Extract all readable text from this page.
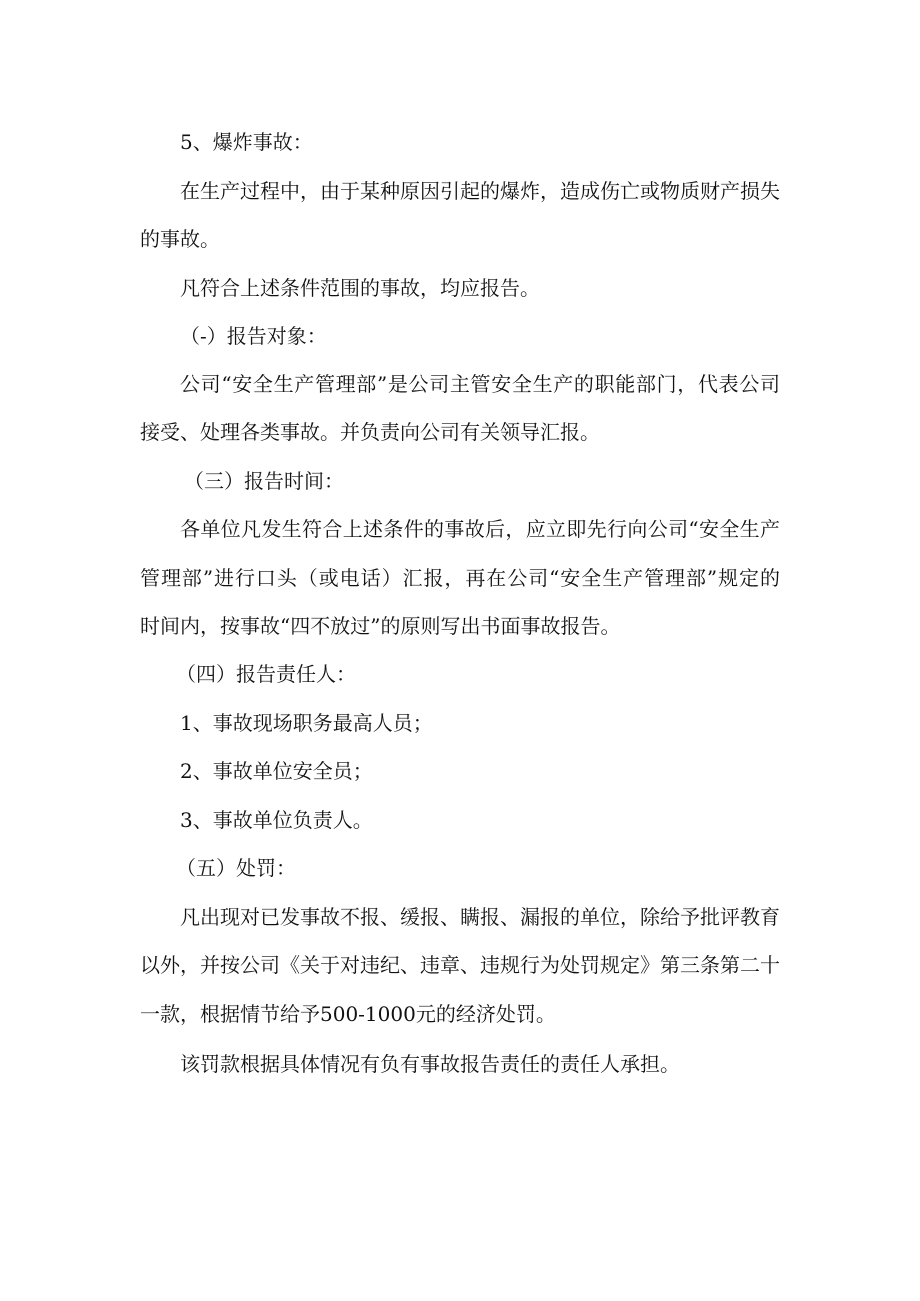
5、爆炸事故：
在生产过程中，由于某种原因引起的爆炸，造成伤亡或物质财产损失
的事故。
凡符合上述条件范围的事故，均应报告。
（-）报告对象：
公司“安全生产管理部”是公司主管安全生产的职能部门，代表公司
接受、处理各类事故。并负责向公司有关领导汇报。
（三）报告时间：
各单位凡发生符合上述条件的事故后，应立即先行向公司“安全生产
管理部”进行口头（或电话）汇报，再在公司“安全生产管理部”规定的
时间内，按事故“四不放过”的原则写出书面事故报告。
（四）报告责任人：
1、事故现场职务最高人员；
2、事故单位安全员；
3、事故单位负责人。
（五）处罚：
凡出现对已发事故不报、缓报、瞒报、漏报的单位，除给予批评教育
以外，并按公司《关于对违纪、违章、违规行为处罚规定》第三条第二十
一款，根据情节给予500-1000元的经济处罚。
该罚款根据具体情况有负有事故报告责任的责任人承担。
